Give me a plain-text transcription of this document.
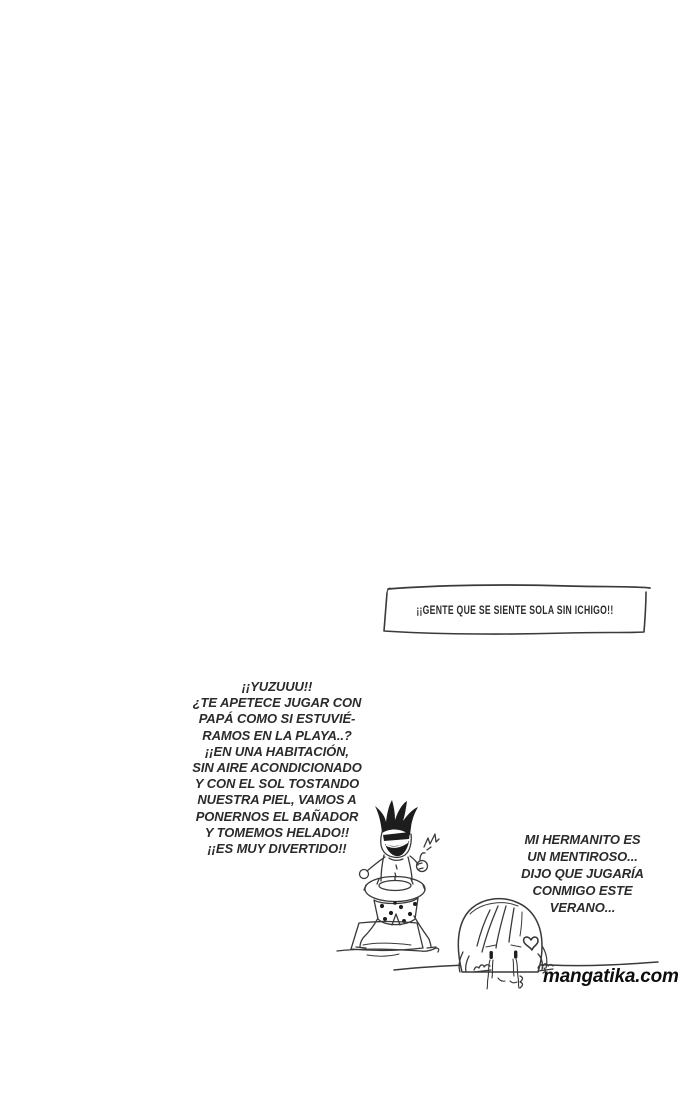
¡¡GENTE QUE SE SIENTE SOLA SIN ICHIGO!!
¡¡YUZUUU!!
¿TE APETECE JUGAR CON
PAPÁ COMO SI ESTUVIÉ-
RAMOS EN LA PLAYA..?
¡¡EN UNA HABITACIÓN,
SIN AIRE ACONDICIONADO
Y CON EL SOL TOSTANDO
NUESTRA PIEL, VAMOS A
PONERNOS EL BAÑADOR
Y TOMEMOS HELADO!!
¡¡ES MUY DIVERTIDO!!
MI HERMANITO ES
UN MENTIROSO...
DIJO QUE JUGARÍA
CONMIGO ESTE
VERANO...
mangatika.com
